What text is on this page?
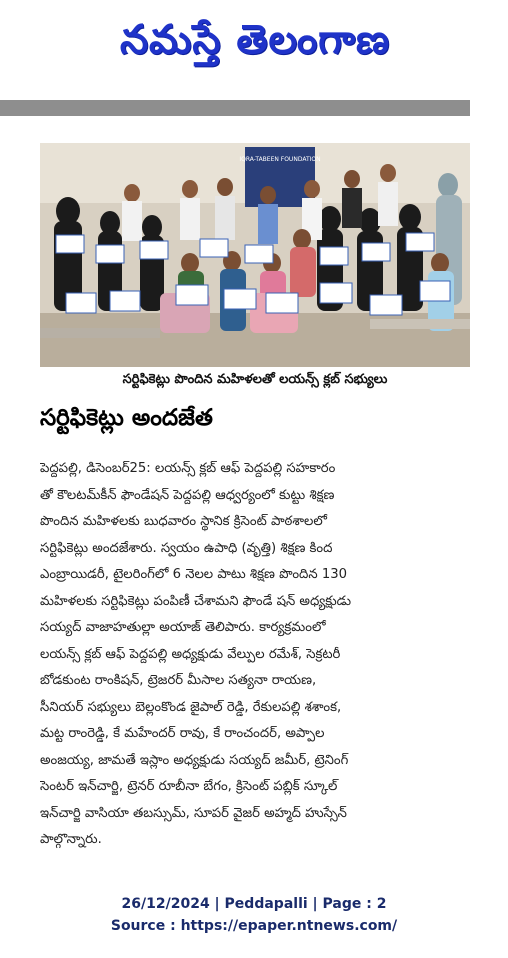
నమస్తే తెలంగాణ
IQRA-TABEEN FOUNDATION
సర్టిఫికెట్లు పొందిన మహిళలతో లయన్స్ క్లబ్ సభ్యులు
సర్టిఫికెట్లు అందజేత
పెద్దపల్లి, డిసెంబర్25: లయన్స్ క్లబ్ ఆఫ్ పెద్దపల్లి సహకారం
తో కౌలటమ్‌కీన్ ఫౌండేషన్ పెద్దపల్లి ఆధ్వర్యంలో కుట్టు శిక్షణ
పొందిన మహిళలకు బుధవారం స్థానిక క్రిసెంట్ పాఠశాలలో
సర్టిఫికెట్లు అందజేశారు. స్వయం ఉపాధి (వృత్తి) శిక్షణ కింద
ఎంబ్రాయిడరీ, టైలరింగ్‌లో 6 నెలల పాటు శిక్షణ పొందిన 130
మహిళలకు సర్టిఫికెట్లు పంపిణీ చేశామని ఫౌండే షన్ అధ్యక్షుడు
సయ్యద్ వాజాహతుల్లా అయాజ్ తెలిపారు. కార్యక్రమంలో
లయన్స్ క్లబ్ ఆఫ్ పెద్దపల్లి అధ్యక్షుడు వేల్పుల రమేశ్, సెక్రటరీ
బోడకుంట రాంకిషన్, ట్రెజరర్ మీసాల సత్యనా రాయణ,
సీనియర్ సభ్యులు బెల్లంకొండ జైపాల్ రెడ్డి, రేకులపల్లి శశాంక,
మట్ట రాంరెడ్డి, కే మహేందర్ రావు, కే రాంచందర్, అప్పాల
అంజయ్య, జామతే ఇస్లాం అధ్యక్షుడు సయ్యద్ జమీర్, ట్రెనింగ్
సెంటర్ ఇన్‌చార్జి, ట్రెనర్ రూబీనా బేగం, క్రిసెంట్ పబ్లిక్ స్కూల్
ఇన్‌చార్జి వాసియా తబస్సుమ్, సూపర్ వైజర్ అహ్మద్ హుస్సేన్
పాల్గొన్నారు.
26/12/2024 | Peddapalli | Page : 2
Source : https://epaper.ntnews.com/
